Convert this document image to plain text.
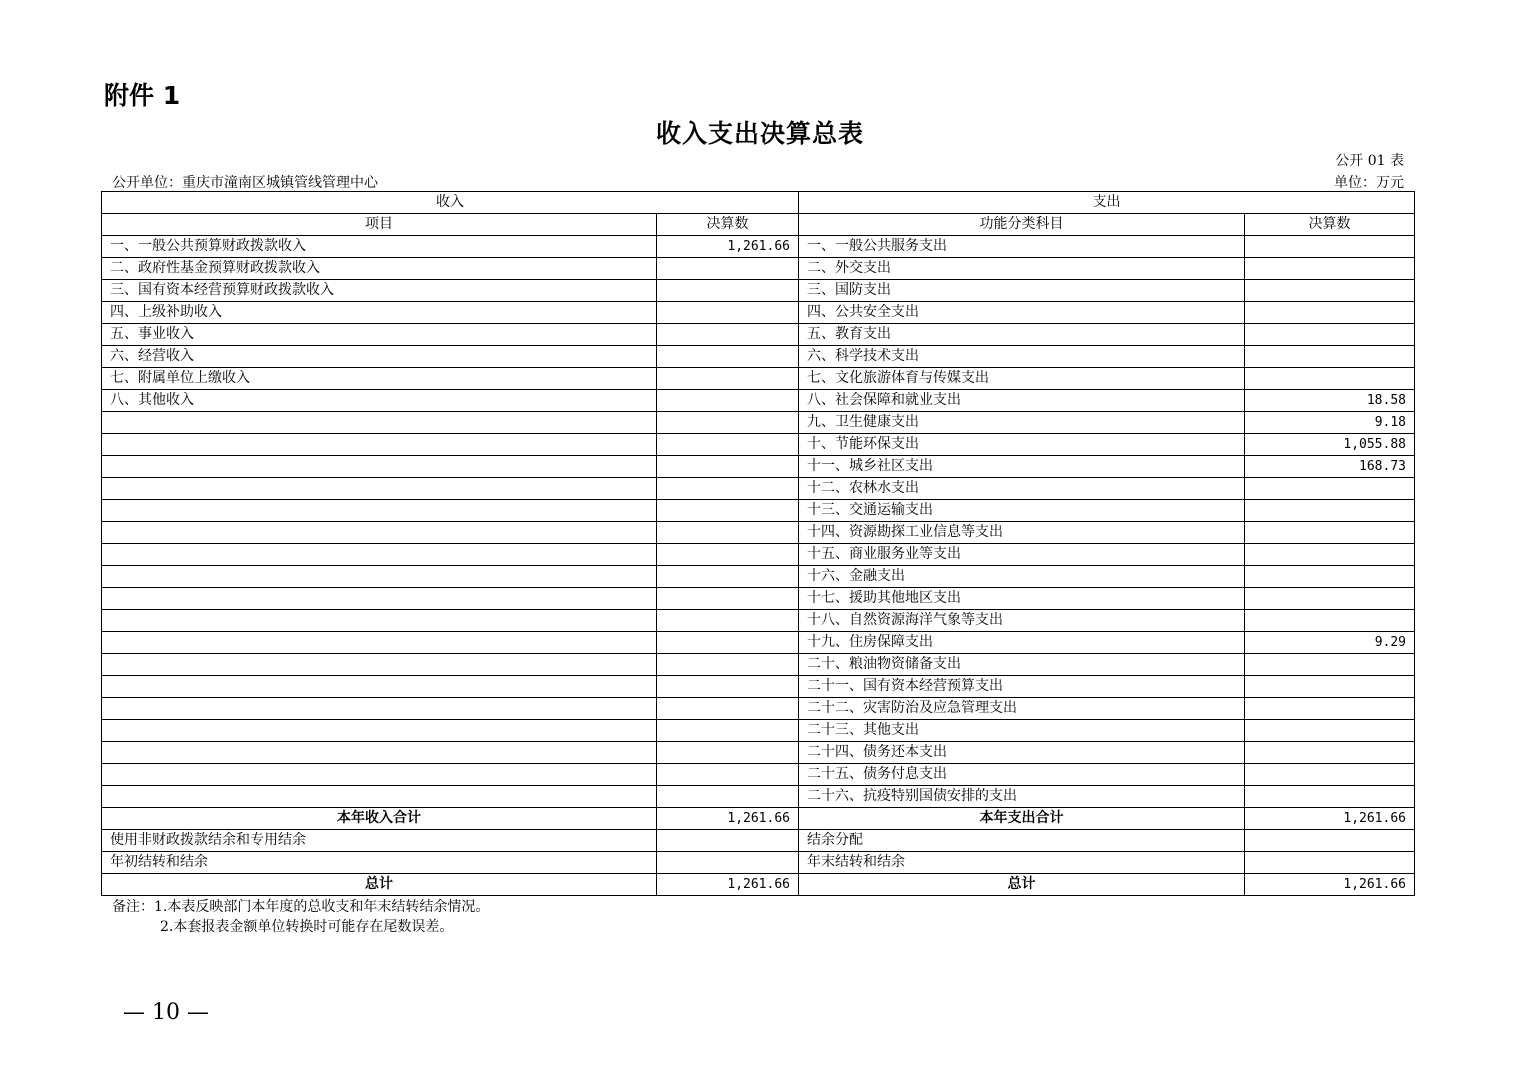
附件 1
收入支出决算总表
公开 01 表
公开单位：重庆市潼南区城镇管线管理中心	单位：万元
收入		支出	
项目	决算数	功能分类科目	决算数
一、一般公共预算财政拨款收入	1,261.66	一、一般公共服务支出	
二、政府性基金预算财政拨款收入		二、外交支出	
三、国有资本经营预算财政拨款收入		三、国防支出	
四、上级补助收入		四、公共安全支出	
五、事业收入		五、教育支出	
六、经营收入		六、科学技术支出	
七、附属单位上缴收入		七、文化旅游体育与传媒支出	
八、其他收入		八、社会保障和就业支出	18.58
		九、卫生健康支出	9.18
		十、节能环保支出	1,055.88
		十一、城乡社区支出	168.73
		十二、农林水支出	
		十三、交通运输支出	
		十四、资源勘探工业信息等支出	
		十五、商业服务业等支出	
		十六、金融支出	
		十七、援助其他地区支出	
		十八、自然资源海洋气象等支出	
		十九、住房保障支出	9.29
		二十、粮油物资储备支出	
		二十一、国有资本经营预算支出	
		二十二、灾害防治及应急管理支出	
		二十三、其他支出	
		二十四、债务还本支出	
		二十五、债务付息支出	
		二十六、抗疫特别国债安排的支出	
本年收入合计	1,261.66	本年支出合计	1,261.66
使用非财政拨款结余和专用结余		结余分配	
年初结转和结余		年末结转和结余	
总计	1,261.66	总计	1,261.66
备注：1.本表反映部门本年度的总收支和年末结转结余情况。
2.本套报表金额单位转换时可能存在尾数误差。
— 10 —
